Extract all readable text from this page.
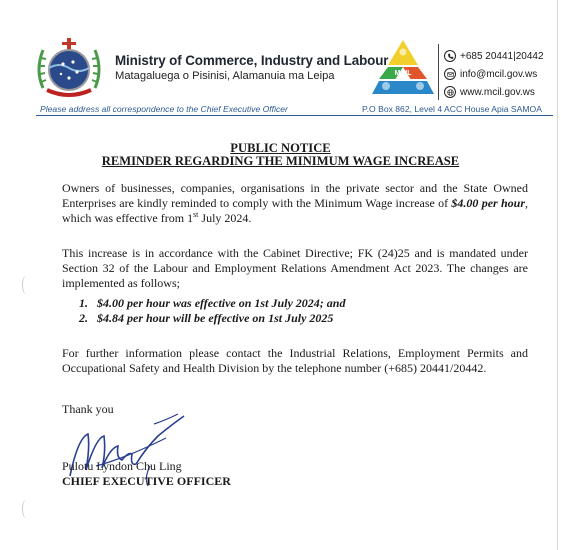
Ministry of Commerce, Industry and Labour
Matagaluega o Pisinisi, Alamanuia ma Leipa	MCIL
+685 20441|20442
info@mcil.gov.ws
www.mcil.gov.ws
Please address all correspondence to the Chief Executive Officer	P.O Box 862, Level 4 ACC House Apia SAMOA
PUBLIC NOTICE
REMINDER REGARDING THE MINIMUM WAGE INCREASE
Owners of businesses, companies, organisations in the private sector and the State Owned Enterprises are kindly reminded to comply with the Minimum Wage increase of $4.00 per hour, which was effective from 1st July 2024.
This increase is in accordance with the Cabinet Directive; FK (24)25 and is mandated under Section 32 of the Labour and Employment Relations Amendment Act 2023. The changes are implemented as follows;
1. $4.00 per hour was effective on 1st July 2024; and
2. $4.84 per hour will be effective on 1st July 2025
For further information please contact the Industrial Relations, Employment Permits and Occupational Safety and Health Division by the telephone number (+685) 20441/20442.
Thank you
Pulotu Lyndon Chu Ling
CHIEF EXECUTIVE OFFICER
